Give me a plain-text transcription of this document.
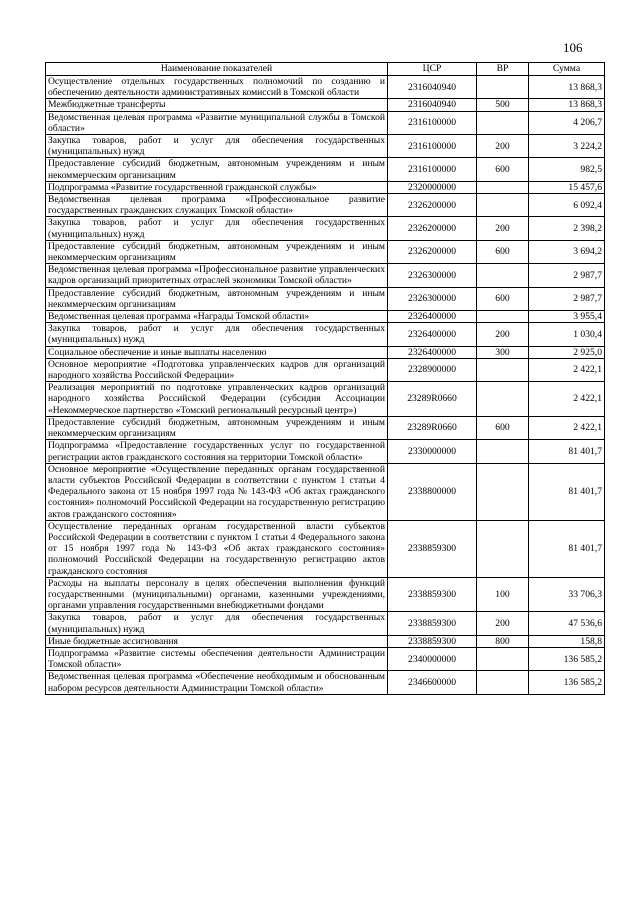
106
Наименование показателей	ЦСР	ВР	Сумма
Осуществление отдельных государственных полномочий по созданию и обеспечению деятельности административных комиссий в Томской области	2316040940		13 868,3
Межбюджетные трансферты	2316040940	500	13 868,3
Ведомственная целевая программа «Развитие муниципальной службы в Томской области»	2316100000		4 206,7
Закупка товаров, работ и услуг для обеспечения государственных (муниципальных) нужд	2316100000	200	3 224,2
Предоставление субсидий бюджетным, автономным учреждениям и иным некоммерческим организациям	2316100000	600	982,5
Подпрограмма «Развитие государственной гражданской службы»	2320000000		15 457,6
Ведомственная целевая программа «Профессиональное развитие государственных гражданских служащих Томской области»	2326200000		6 092,4
Закупка товаров, работ и услуг для обеспечения государственных (муниципальных) нужд	2326200000	200	2 398,2
Предоставление субсидий бюджетным, автономным учреждениям и иным некоммерческим организациям	2326200000	600	3 694,2
Ведомственная целевая программа «Профессиональное развитие управленческих кадров организаций приоритетных отраслей экономики Томской области»	2326300000		2 987,7
Предоставление субсидий бюджетным, автономным учреждениям и иным некоммерческим организациям	2326300000	600	2 987,7
Ведомственная целевая программа «Награды Томской области»	2326400000		3 955,4
Закупка товаров, работ и услуг для обеспечения государственных (муниципальных) нужд	2326400000	200	1 030,4
Социальное обеспечение и иные выплаты населению	2326400000	300	2 925,0
Основное мероприятие «Подготовка управленческих кадров для организаций народного хозяйства Российской Федерации»	2328900000		2 422,1
Реализация мероприятий по подготовке управленческих кадров организаций народного хозяйства Российской Федерации (субсидия Ассоциации «Некоммерческое партнерство «Томский региональный ресурсный центр»)	23289R0660		2 422,1
Предоставление субсидий бюджетным, автономным учреждениям и иным некоммерческим организациям	23289R0660	600	2 422,1
Подпрограмма «Предоставление государственных услуг по государственной регистрации актов гражданского состояния на территории Томской области»	2330000000		81 401,7
Основное мероприятие «Осуществление переданных органам государственной власти субъектов Российской Федерации в соответствии с пунктом 1 статьи 4 Федерального закона от 15 ноября 1997 года № 143-ФЗ «Об актах гражданского состояния» полномочий Российской Федерации на государственную регистрацию актов гражданского состояния»	2338800000		81 401,7
Осуществление переданных органам государственной власти субъектов Российской Федерации в соответствии с пунктом 1 статьи 4 Федерального закона от 15 ноября 1997 года № 143-ФЗ «Об актах гражданского состояния» полномочий Российской Федерации на государственную регистрацию актов гражданского состояния	2338859300		81 401,7
Расходы на выплаты персоналу в целях обеспечения выполнения функций государственными (муниципальными) органами, казенными учреждениями, органами управления государственными внебюджетными фондами	2338859300	100	33 706,3
Закупка товаров, работ и услуг для обеспечения государственных (муниципальных) нужд	2338859300	200	47 536,6
Иные бюджетные ассигнования	2338859300	800	158,8
Подпрограмма «Развитие системы обеспечения деятельности Администрации Томской области»	2340000000		136 585,2
Ведомственная целевая программа «Обеспечение необходимым и обоснованным набором ресурсов деятельности Администрации Томской области»	2346600000		136 585,2
